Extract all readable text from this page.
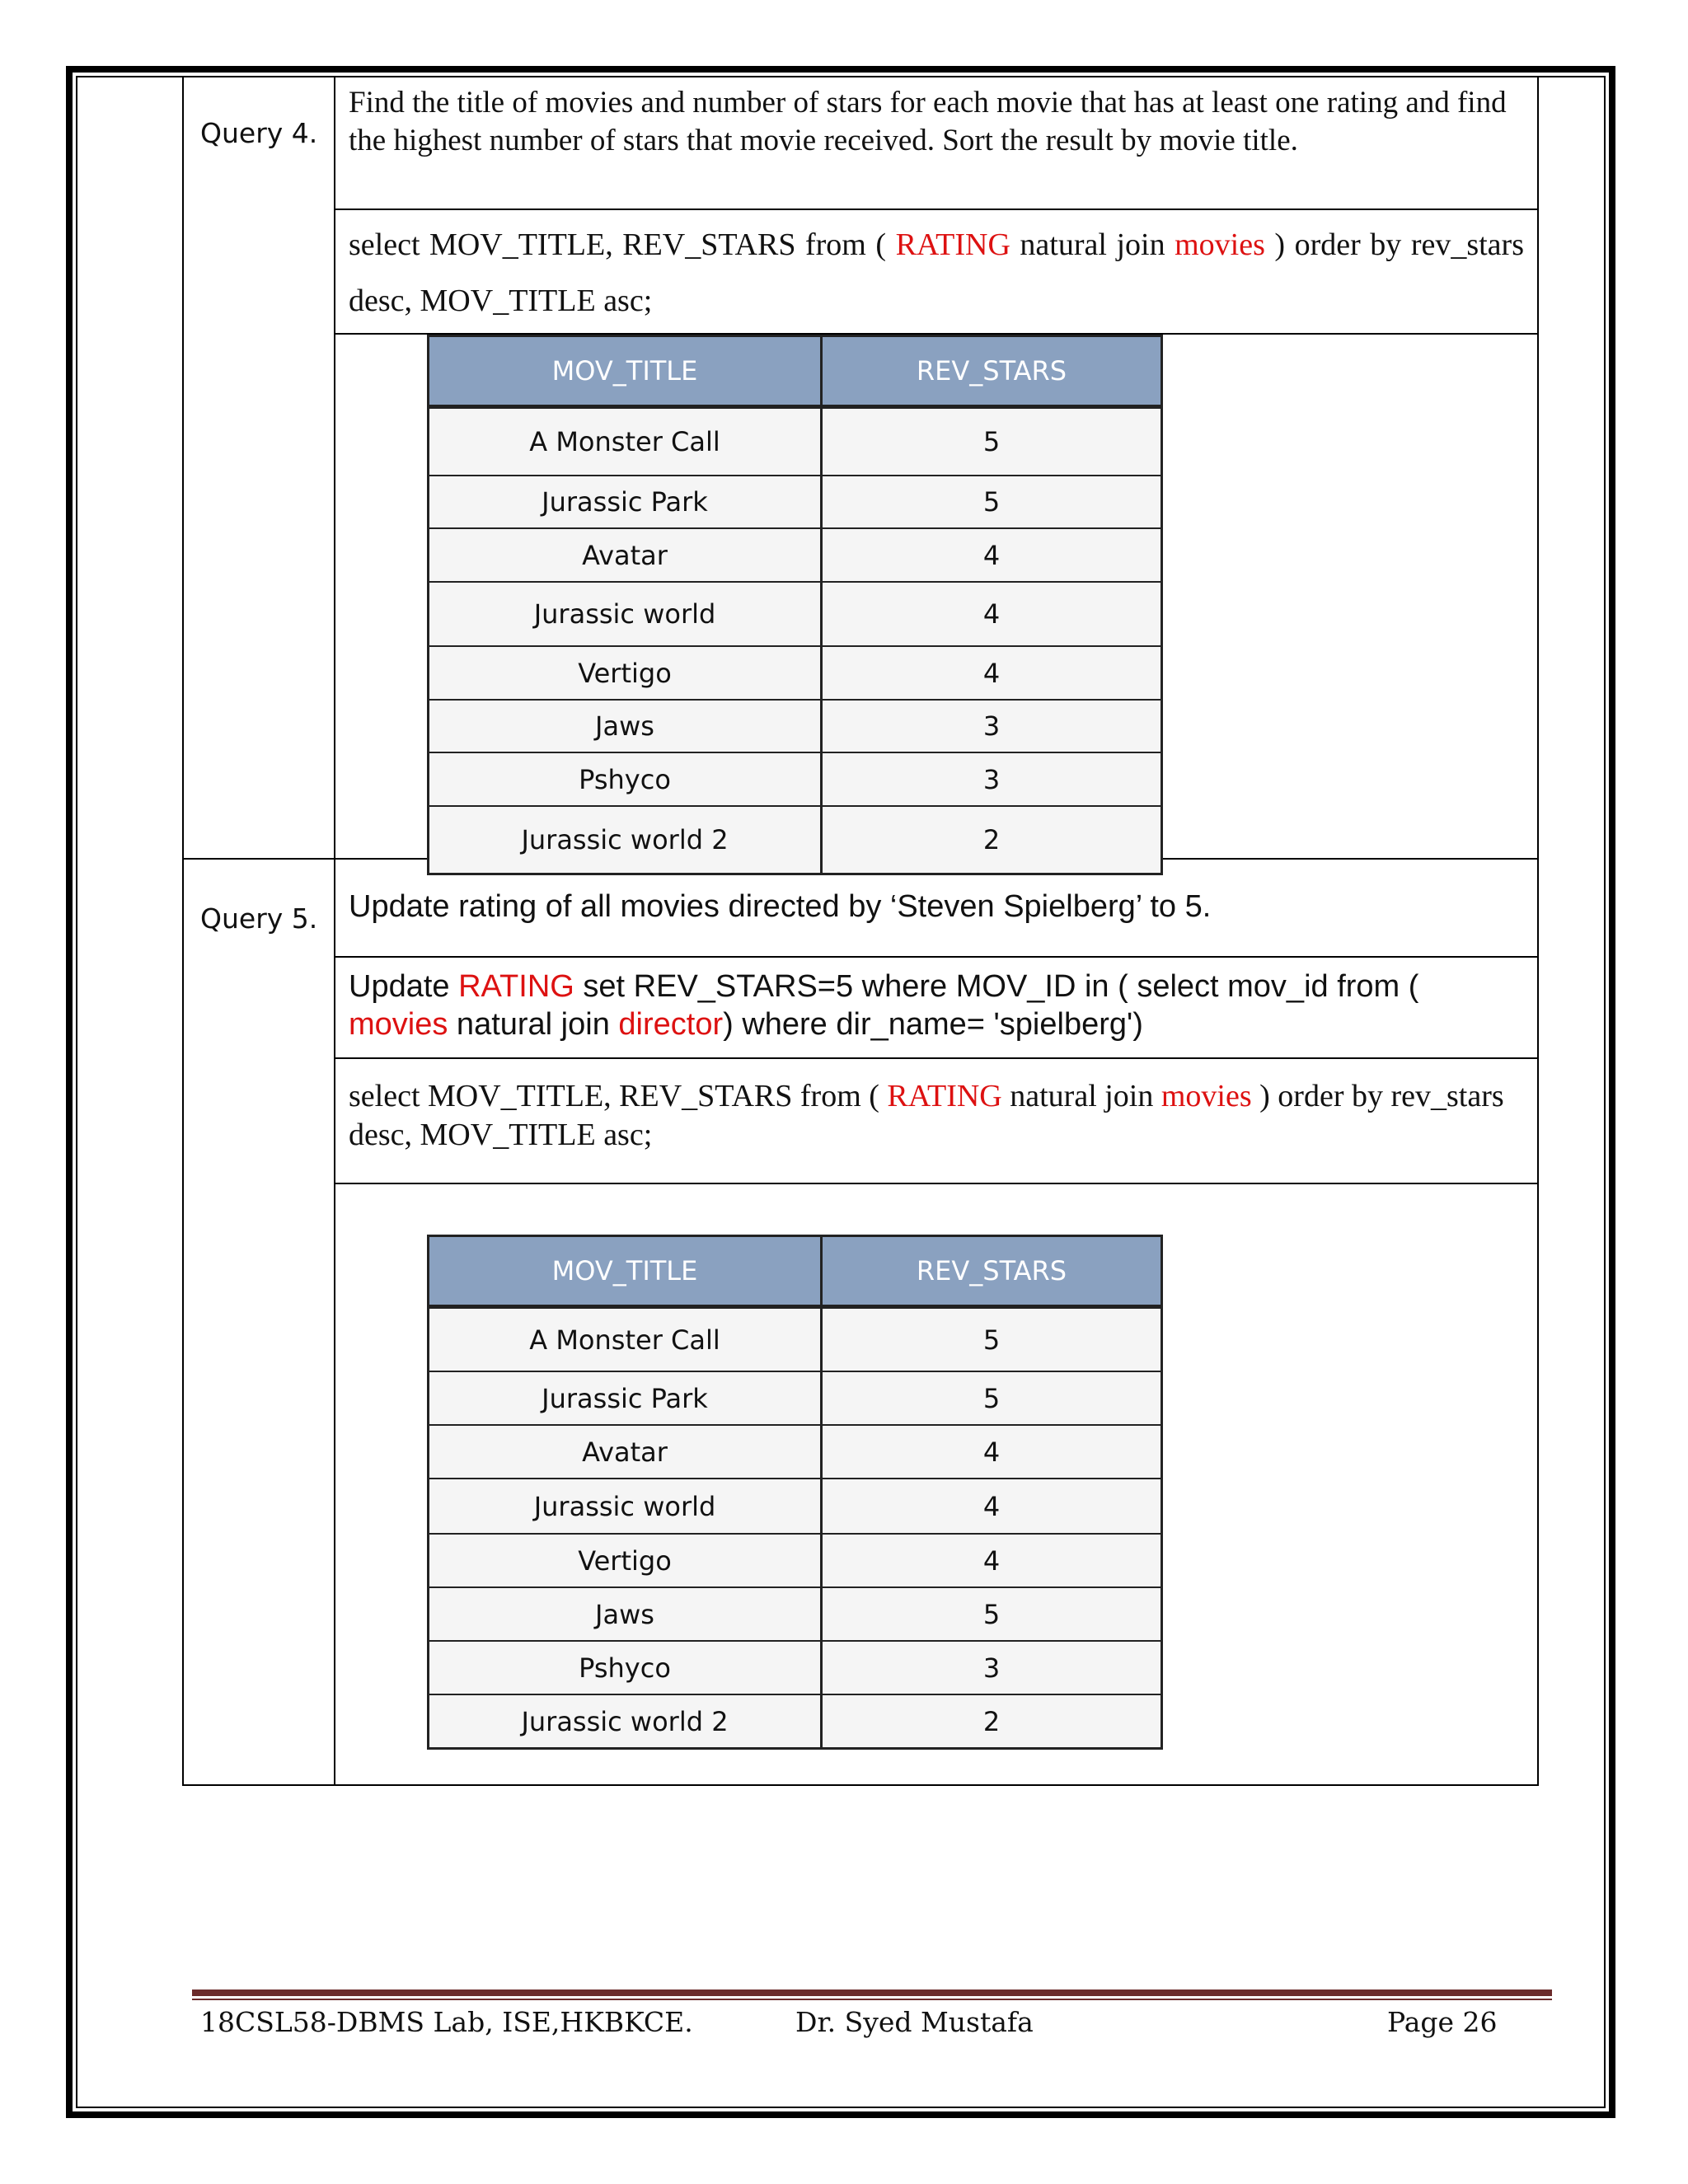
Query 4.
Find the title of movies and number of stars for each movie that has at least one rating and find the highest number of stars that movie received. Sort the result by movie title.
select MOV_TITLE, REV_STARS from ( RATING natural join movies ) order by rev_stars desc, MOV_TITLE asc;
MOV_TITLE	REV_STARS
A Monster Call	5
Jurassic Park	5
Avatar	4
Jurassic world	4
Vertigo	4
Jaws	3
Pshyco	3
Jurassic world 2	2
Query 5. Update rating of all movies directed by ‘Steven Spielberg’ to 5.
Update RATING set REV_STARS=5 where MOV_ID in ( select mov_id from ( movies natural join director) where dir_name= 'spielberg')
select MOV_TITLE, REV_STARS from ( RATING natural join movies ) order by rev_stars desc, MOV_TITLE asc;
MOV_TITLE	REV_STARS
A Monster Call	5
Jurassic Park	5
Avatar	4
Jurassic world	4
Vertigo	4
Jaws	5
Pshyco	3
Jurassic world 2	2
18CSL58-DBMS Lab, ISE,HKBKCE.	Dr. Syed Mustafa	Page 26
